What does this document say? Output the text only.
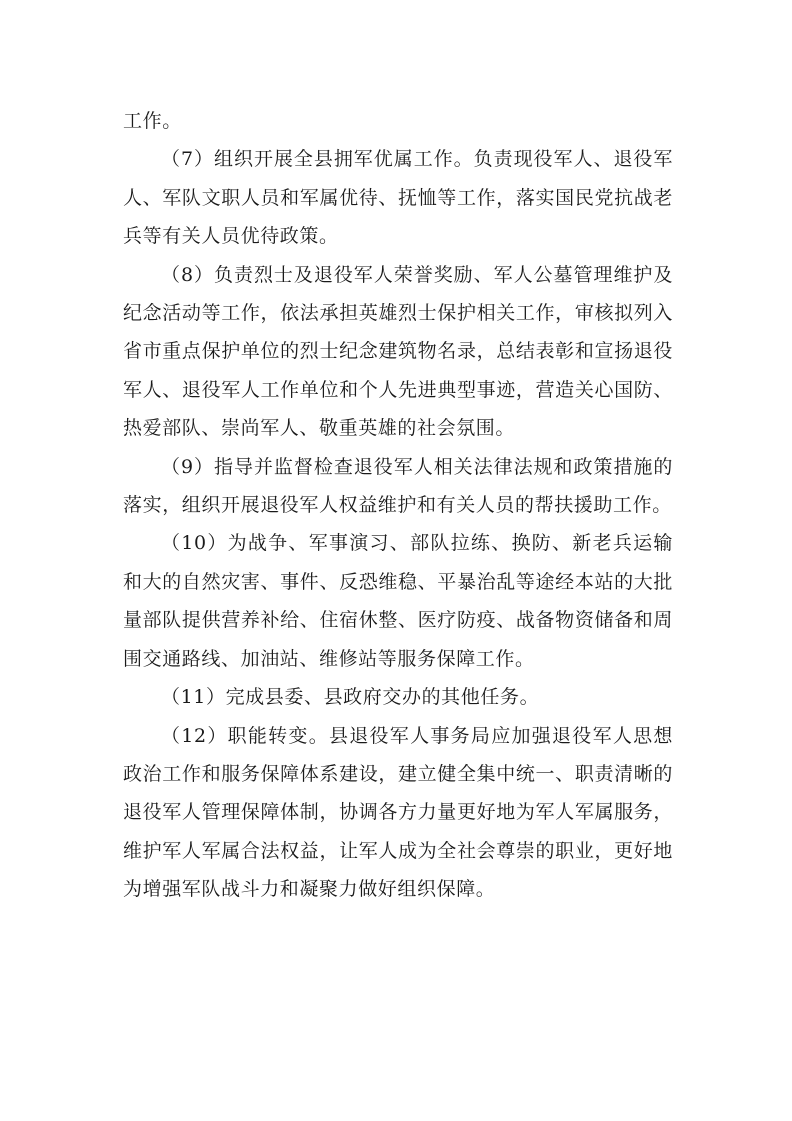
工作。

（7）组织开展全县拥军优属工作。负责现役军人、退役军人、军队文职人员和军属优待、抚恤等工作，落实国民党抗战老兵等有关人员优待政策。

（8）负责烈士及退役军人荣誉奖励、军人公墓管理维护及纪念活动等工作，依法承担英雄烈士保护相关工作，审核拟列入省市重点保护单位的烈士纪念建筑物名录，总结表彰和宣扬退役军人、退役军人工作单位和个人先进典型事迹，营造关心国防、热爱部队、崇尚军人、敬重英雄的社会氛围。

（9）指导并监督检查退役军人相关法律法规和政策措施的落实，组织开展退役军人权益维护和有关人员的帮扶援助工作。

（10）为战争、军事演习、部队拉练、换防、新老兵运输和大的自然灾害、事件、反恐维稳、平暴治乱等途经本站的大批量部队提供营养补给、住宿休整、医疗防疫、战备物资储备和周围交通路线、加油站、维修站等服务保障工作。

（11）完成县委、县政府交办的其他任务。

（12）职能转变。县退役军人事务局应加强退役军人思想政治工作和服务保障体系建设，建立健全集中统一、职责清晰的退役军人管理保障体制，协调各方力量更好地为军人军属服务，维护军人军属合法权益，让军人成为全社会尊崇的职业，更好地为增强军队战斗力和凝聚力做好组织保障。
